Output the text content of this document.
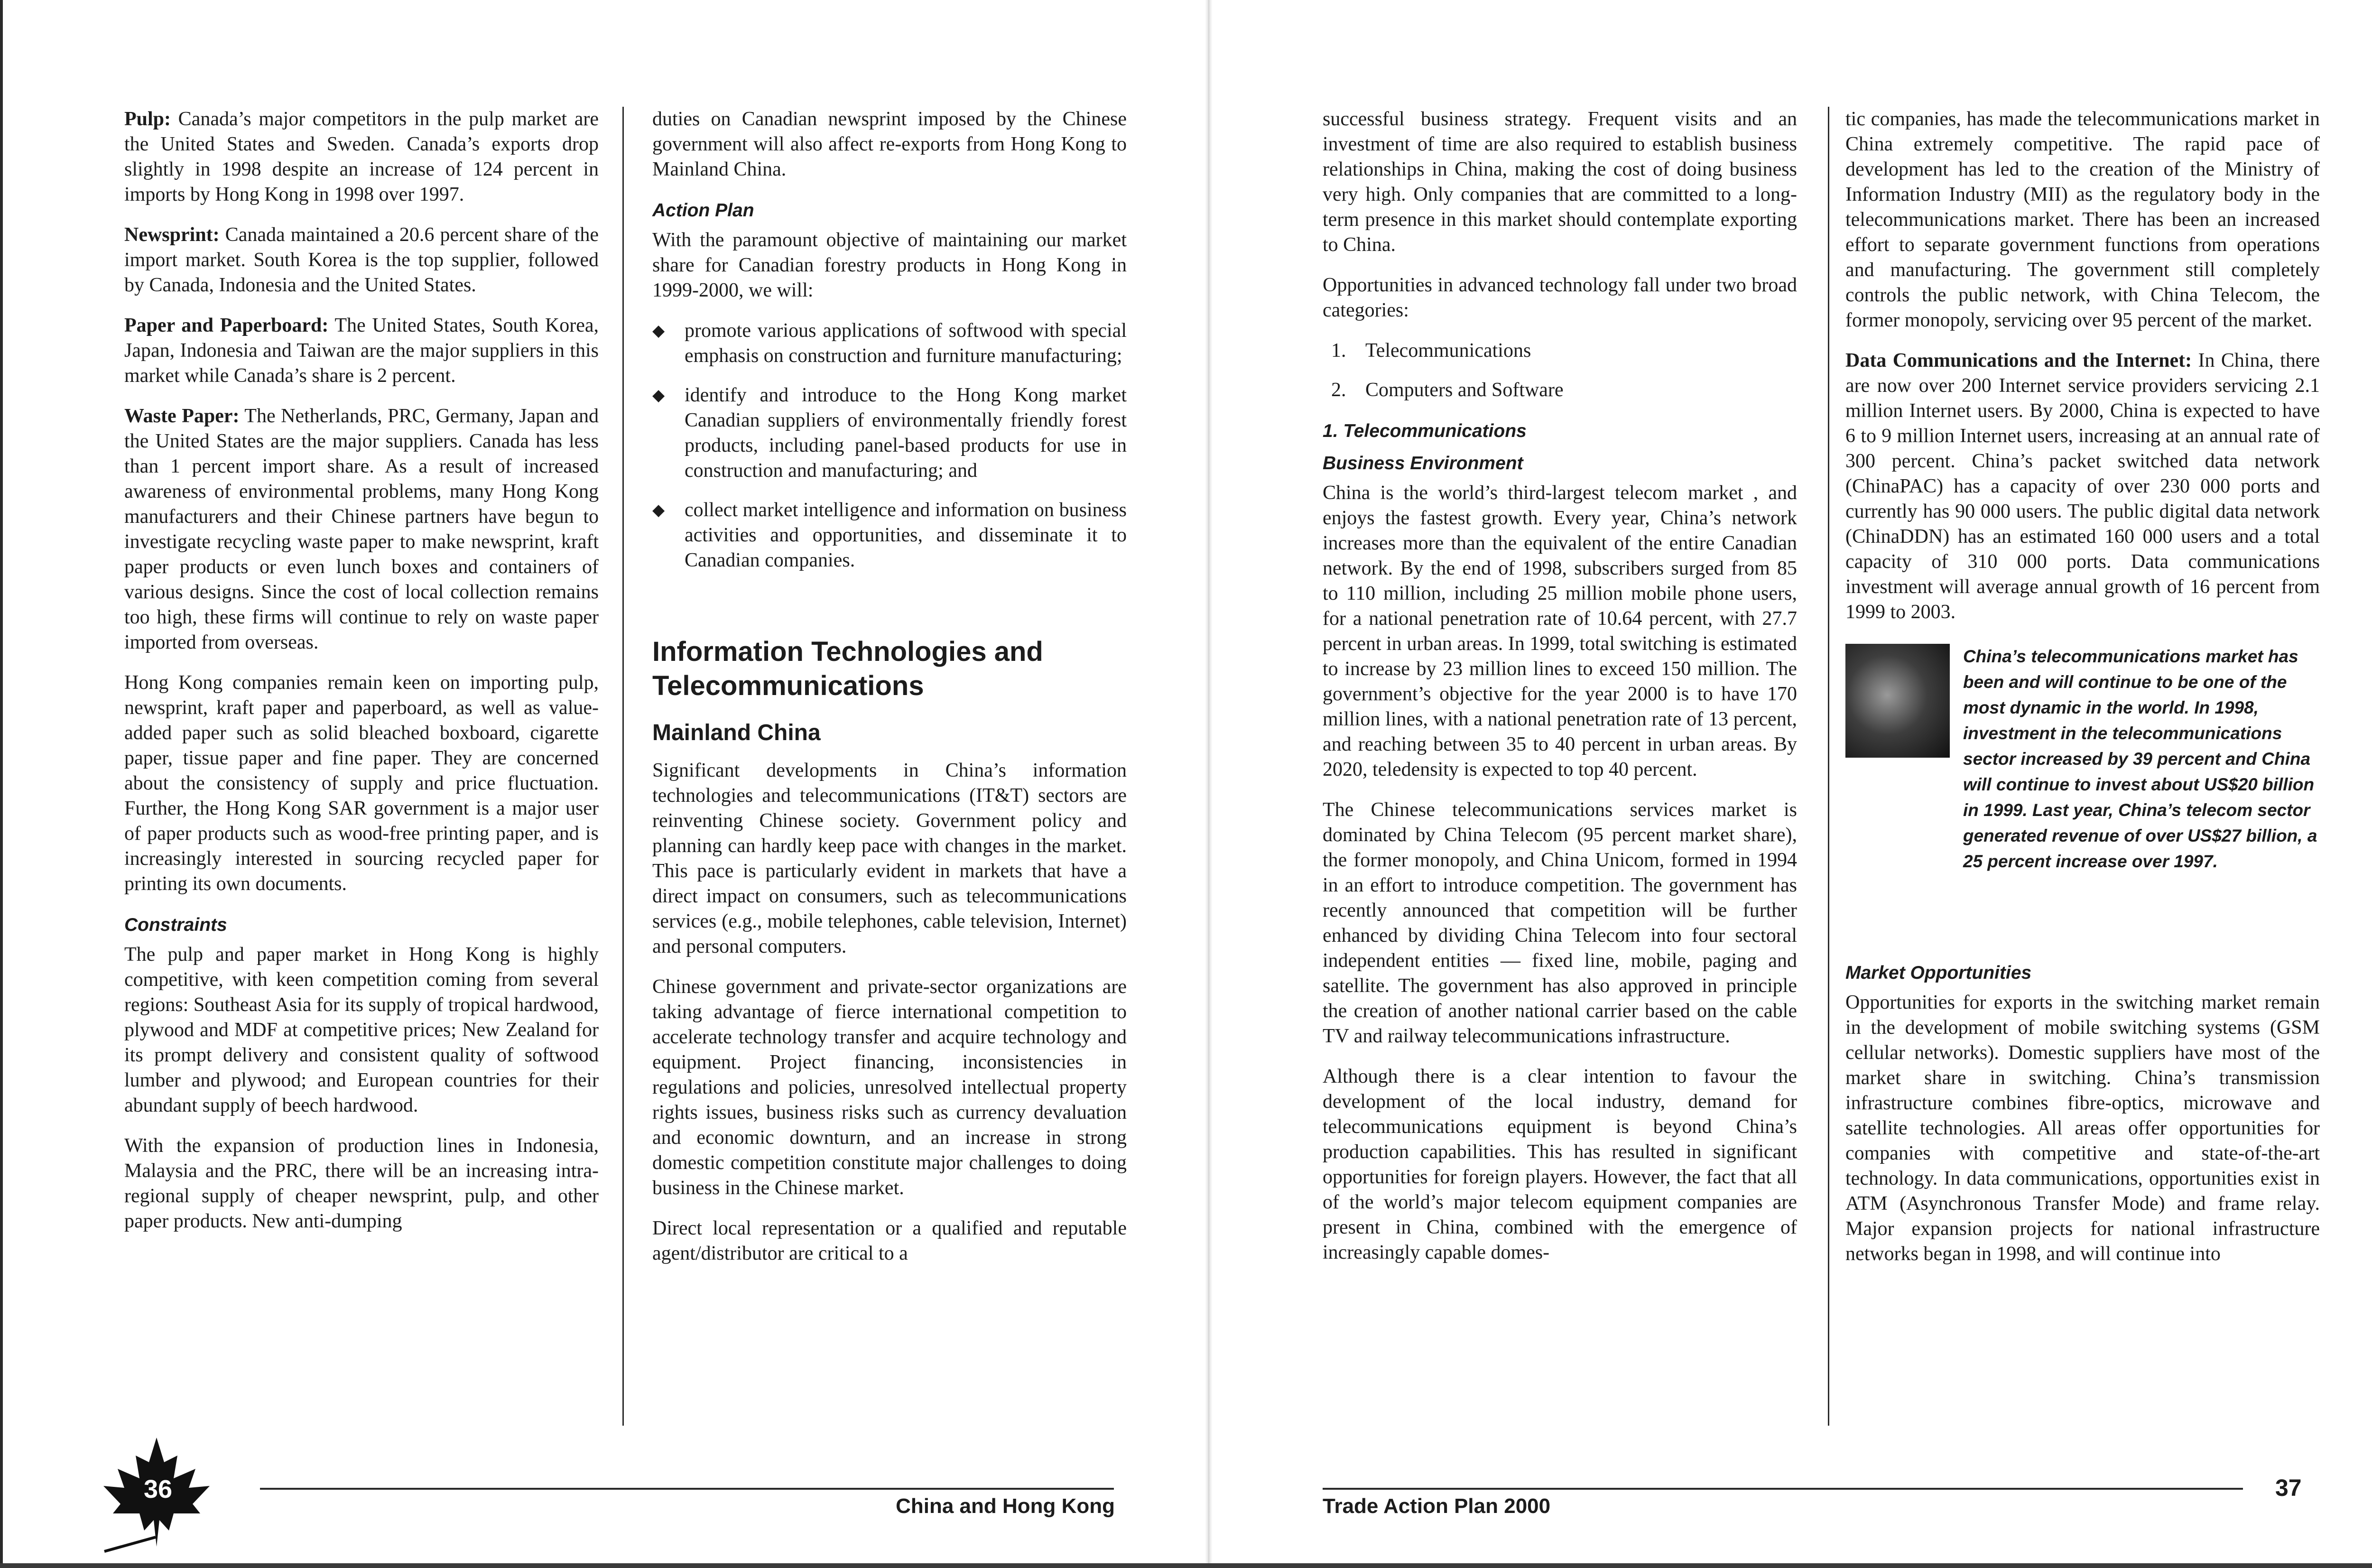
Pulp: Canada’s major competitors in the pulp market are the United States and Sweden. Canada’s exports drop slightly in 1998 despite an increase of 124 percent in imports by Hong Kong in 1998 over 1997.

Newsprint: Canada maintained a 20.6 percent share of the import market. South Korea is the top supplier, followed by Canada, Indonesia and the United States.

Paper and Paperboard: The United States, South Korea, Japan, Indonesia and Taiwan are the major suppliers in this market while Canada’s share is 2 percent.

Waste Paper: The Netherlands, PRC, Germany, Japan and the United States are the major suppliers. Canada has less than 1 percent import share. As a result of increased awareness of environmental problems, many Hong Kong manufacturers and their Chinese partners have begun to investigate recycling waste paper to make newsprint, kraft paper products or even lunch boxes and containers of various designs. Since the cost of local collection remains too high, these firms will continue to rely on waste paper imported from overseas.

Hong Kong companies remain keen on importing pulp, newsprint, kraft paper and paperboard, as well as value-added paper such as solid bleached boxboard, cigarette paper, tissue paper and fine paper. They are concerned about the consistency of supply and price fluctuation. Further, the Hong Kong SAR government is a major user of paper products such as wood-free printing paper, and is increasingly interested in sourcing recycled paper for printing its own documents.

Constraints

The pulp and paper market in Hong Kong is highly competitive, with keen competition coming from several regions: Southeast Asia for its supply of tropical hardwood, plywood and MDF at competitive prices; New Zealand for its prompt delivery and consistent quality of softwood lumber and plywood; and European countries for their abundant supply of beech hardwood.

With the expansion of production lines in Indonesia, Malaysia and the PRC, there will be an increasing intra-regional supply of cheaper newsprint, pulp, and other paper products. New anti-dumping

duties on Canadian newsprint imposed by the Chinese government will also affect re-exports from Hong Kong to Mainland China.

Action Plan

With the paramount objective of maintaining our market share for Canadian forestry products in Hong Kong in 1999-2000, we will:

◆ promote various applications of softwood with special emphasis on construction and furniture manufacturing;
◆ identify and introduce to the Hong Kong market Canadian suppliers of environmentally friendly forest products, including panel-based products for use in construction and manufacturing; and
◆ collect market intelligence and information on business activities and opportunities, and disseminate it to Canadian companies.
Information Technologies and
Telecommunications
Mainland China

Significant developments in China’s information technologies and telecommunications (IT&T) sectors are reinventing Chinese society. Government policy and planning can hardly keep pace with changes in the market. This pace is particularly evident in markets that have a direct impact on consumers, such as telecommunications services (e.g., mobile telephones, cable television, Internet) and personal computers.

Chinese government and private-sector organizations are taking advantage of fierce international competition to accelerate technology transfer and acquire technology and equipment. Project financing, inconsistencies in regulations and policies, unresolved intellectual property rights issues, business risks such as currency devaluation and economic downturn, and an increase in strong domestic competition constitute major challenges to doing business in the Chinese market.

Direct local representation or a qualified and reputable agent/distributor are critical to a

36
China and Hong Kong

successful business strategy. Frequent visits and an investment of time are also required to establish business relationships in China, making the cost of doing business very high. Only companies that are committed to a long-term presence in this market should contemplate exporting to China.

Opportunities in advanced technology fall under two broad categories:

1. Telecommunications
2. Computers and Software
1. Telecommunications
Business Environment

China is the world’s third-largest telecom market , and enjoys the fastest growth. Every year, China’s network increases more than the equivalent of the entire Canadian network. By the end of 1998, subscribers surged from 85 to 110 million, including 25 million mobile phone users, for a national penetration rate of 10.64 percent, with 27.7 percent in urban areas. In 1999, total switching is estimated to increase by 23 million lines to exceed 150 million. The government’s objective for the year 2000 is to have 170 million lines, with a national penetration rate of 13 percent, and reaching between 35 to 40 percent in urban areas. By 2020, teledensity is expected to top 40 percent.

The Chinese telecommunications services market is dominated by China Telecom (95 percent market share), the former monopoly, and China Unicom, formed in 1994 in an effort to introduce competition. The government has recently announced that competition will be further enhanced by dividing China Telecom into four sectoral independent entities — fixed line, mobile, paging and satellite. The government has also approved in principle the creation of another national carrier based on the cable TV and railway telecommunications infrastructure.

Although there is a clear intention to favour the development of the local industry, demand for telecommunications equipment is beyond China’s production capabilities. This has resulted in significant opportunities for foreign players. However, the fact that all of the world’s major telecom equipment companies are present in China, combined with the emergence of increasingly capable domes-

tic companies, has made the telecommunications market in China extremely competitive. The rapid pace of development has led to the creation of the Ministry of Information Industry (MII) as the regulatory body in the telecommunications market. There has been an increased effort to separate government functions from operations and manufacturing. The government still completely controls the public network, with China Telecom, the former monopoly, servicing over 95 percent of the market.

Data Communications and the Internet: In China, there are now over 200 Internet service providers servicing 2.1 million Internet users. By 2000, China is expected to have 6 to 9 million Internet users, increasing at an annual rate of 300 percent. China’s packet switched data network (ChinaPAC) has a capacity of over 230 000 ports and currently has 90 000 users. The public digital data network (ChinaDDN) has an estimated 160 000 users and a total capacity of 310 000 ports. Data communications investment will average annual growth of 16 percent from 1999 to 2003.

China’s telecommunications market has been and will continue to be one of the most dynamic in the world. In 1998, investment in the telecommunications sector increased by 39 percent and China will continue to invest about US$20 billion in 1999. Last year, China’s telecom sector generated revenue of over US$27 billion, a 25 percent increase over 1997.
Market Opportunities

Opportunities for exports in the switching market remain in the development of mobile switching systems (GSM cellular networks). Domestic suppliers have most of the market share in switching. China’s transmission infrastructure combines fibre-optics, microwave and satellite technologies. All areas offer opportunities for companies with competitive and state-of-the-art technology. In data communications, opportunities exist in ATM (Asynchronous Transfer Mode) and frame relay. Major expansion projects for national infrastructure networks began in 1998, and will continue into

Trade Action Plan 2000
37
